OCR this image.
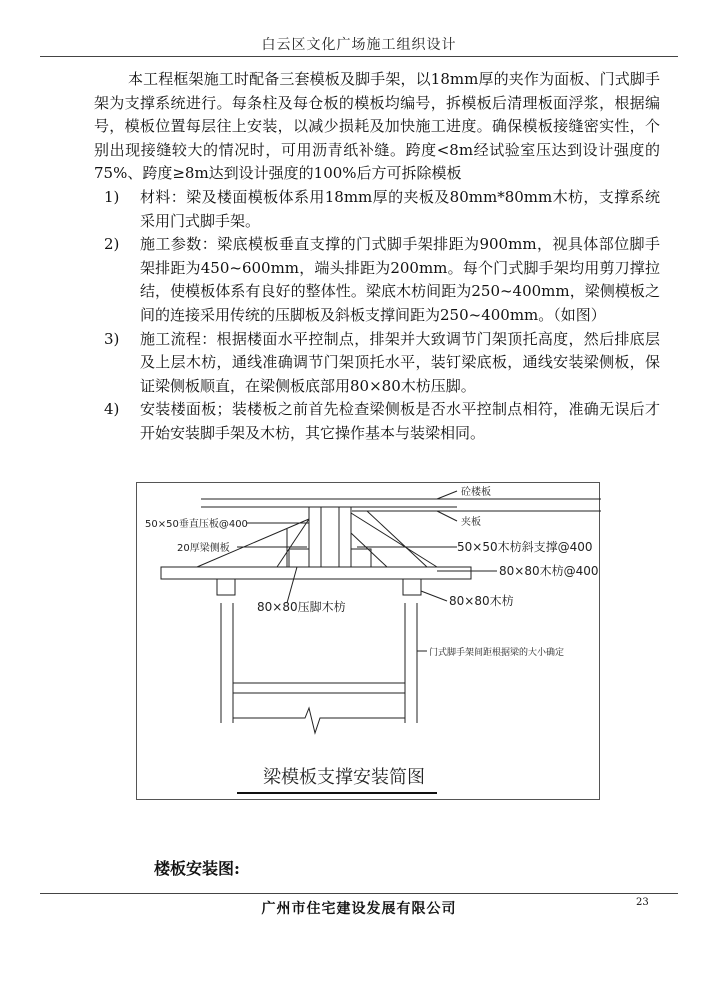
白云区文化广场施工组织设计

本工程框架施工时配备三套模板及脚手架，以18mm厚的夹作为面板、门式脚手架为支撑系统进行。每条柱及每仓板的模板均编号，拆模板后清理板面浮浆，根据编号，模板位置每层往上安装，以减少损耗及加快施工进度。确保模板接缝密实性，个别出现接缝较大的情况时，可用沥青纸补缝。跨度<8m经试验室压达到设计强度的75%、跨度≥8m达到设计强度的100%后方可拆除模板

1) 材料：梁及楼面模板体系用18mm厚的夹板及80mm*80mm木枋，支撑系统采用门式脚手架。
2) 施工参数：梁底模板垂直支撑的门式脚手架排距为900mm，视具体部位脚手架排距为450~600mm，端头排距为200mm。每个门式脚手架均用剪刀撑拉结，使模板体系有良好的整体性。梁底木枋间距为250~400mm，梁侧模板之间的连接采用传统的压脚板及斜板支撑间距为250~400mm。（如图）
3) 施工流程：根据楼面水平控制点，排架并大致调节门架顶托高度，然后排底层及上层木枋，通线准确调节门架顶托水平，装钉梁底板，通线安装梁侧板，保证梁侧板顺直，在梁侧板底部用80×80木枋压脚。
4) 安装楼面板；装楼板之前首先检查梁侧板是否水平控制点相符，准确无误后才开始安装脚手架及木枋，其它操作基本与装梁相同。
砼楼板
夹板
50×50垂直压板@400
20厚梁侧板	50×50木枋斜支撑@400
80×80木枋@400
80×80压脚木枋	80×80木枋
门式脚手架间距根据梁的大小确定
梁模板支撑安装简图
楼板安装图:
广州市住宅建设发展有限公司	23
